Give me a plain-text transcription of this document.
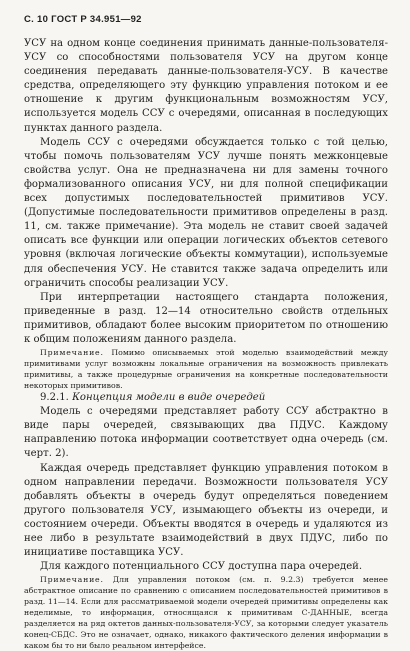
С. 10 ГОСТ Р 34.951—92

УСУ на одном конце соединения принимать данные-пользователя-УСУ со способностями пользователя УСУ на другом конце соединения передавать данные-пользователя-УСУ. В качестве средства, определяющего эту функцию управления потоком и ее отношение к другим функциональным возможностям УСУ, используется модель ССУ с очередями, описанная в последующих пунктах данного раздела.

Модель ССУ с очередями обсуждается только с той целью, чтобы помочь пользователям УСУ лучше понять межконцевые свойства услуг. Она не предназначена ни для замены точного формализованного описания УСУ, ни для полной спецификации всех допустимых последовательностей примитивов УСУ. (Допустимые последовательности примитивов определены в разд. 11, см. также примечание). Эта модель не ставит своей задачей описать все функции или операции логических объектов сетевого уровня (включая логические объекты коммутации), используемые для обеспечения УСУ. Не ставится также задача определить или ограничить способы реализации УСУ.

При интерпретации настоящего стандарта положения, приведенные в разд. 12—14 относительно свойств отдельных примитивов, обладают более высоким приоритетом по отношению к общим положениям данного раздела.

Примечание. Помимо описываемых этой моделью взаимодействий между примитивами услуг возможны локальные ограничения на возможность привлекать примитивы, а также процедурные ограничения на конкретные последовательности некоторых примитивов.

9.2.1. Концепция модели в виде очередей

Модель с очередями представляет работу ССУ абстрактно в виде пары очередей, связывающих два ПДУС. Каждому направлению потока информации соответствует одна очередь (см. черт. 2).

Каждая очередь представляет функцию управления потоком в одном направлении передачи. Возможности пользователя УСУ добавлять объекты в очередь будут определяться поведением другого пользователя УСУ, изымающего объекты из очереди, и состоянием очереди. Объекты вводятся в очередь и удаляются из нее либо в результате взаимодействий в двух ПДУС, либо по инициативе поставщика УСУ.

Для каждого потенциального ССУ доступна пара очередей.

Примечание. Для управления потоком (см. п. 9.2.3) требуется менее абстрактное описание по сравнению с описанием последовательностей примитивов в разд. 11—14. Если для рассматриваемой модели очередей примитивы определены как неделимые, то информация, относящаяся к примитивам С-ДАННЫЕ, всегда разделяется на ряд октетов данных-пользователя-УСУ, за которыми следует указатель конец-СБДС. Это не означает, однако, никакого фактического деления информации в каком бы то ни было реальном интерфейсе.
